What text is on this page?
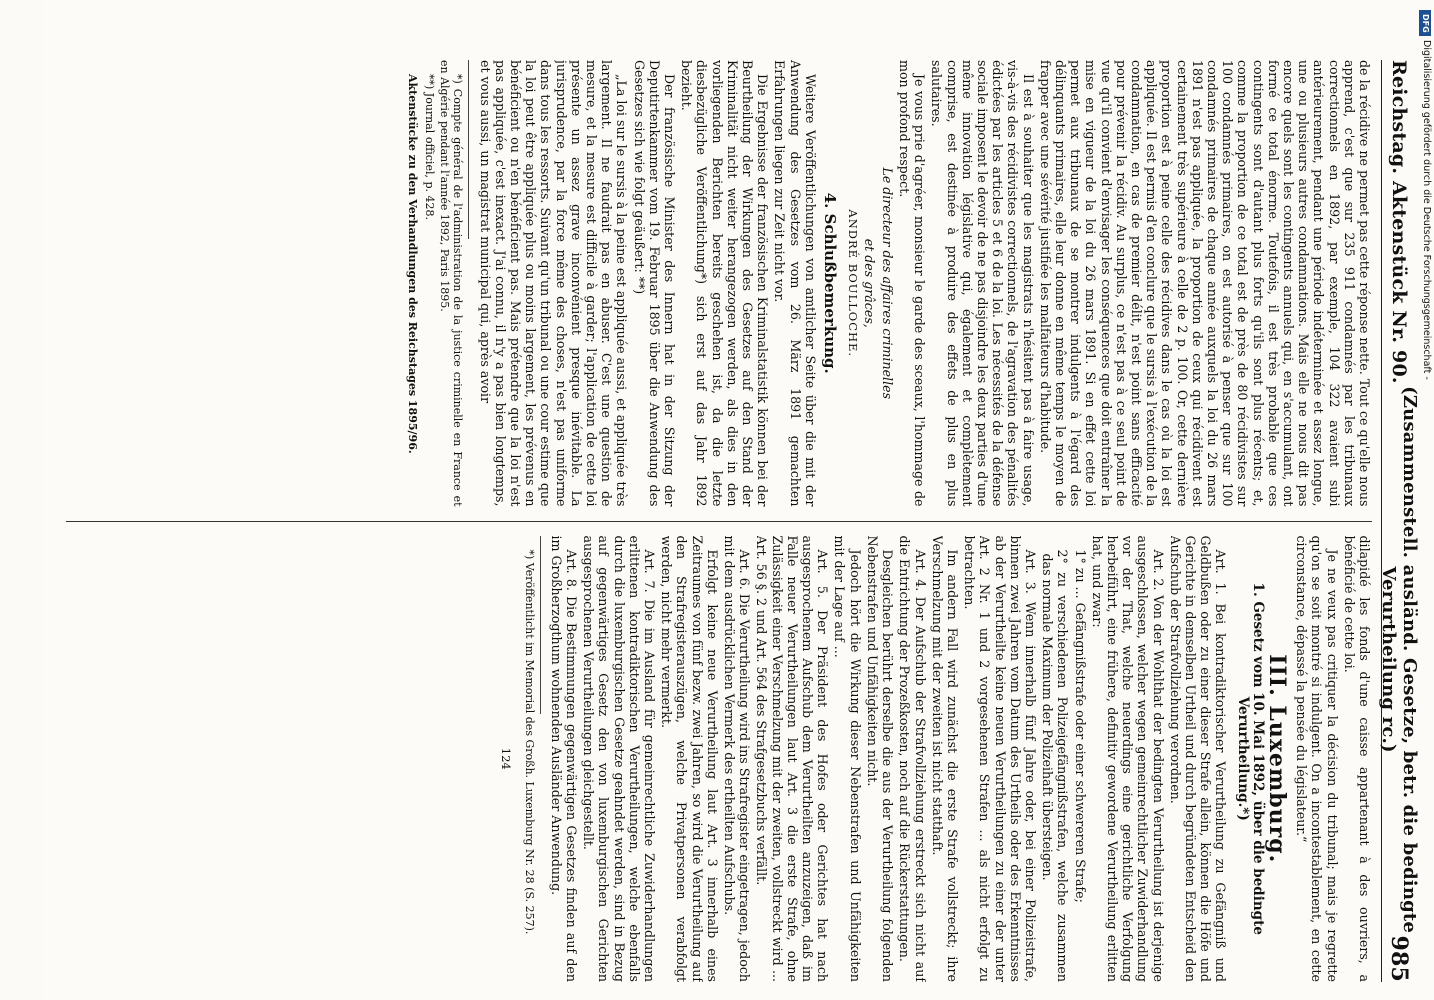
Reichstag. Aktenstück Nr. 90.
(Zusammenstell. ausländ. Gesetze, betr. die bedingte Verurtheilung rc.)
985

de la récidive ne permet pas cette réponse nette. Tout ce qu'elle nous apprend, c'est que sur 235 911 condamnés par les tribunaux correctionnels en 1892, par exemple, 104 322 avaient subi antérieurement, pendant une période indéterminée et assez longue, une ou plusieurs autres condamnations. Mais elle ne nous dit pas encore quels sont les contingents annuels qui, en s'accumulant, ont formé ce total énorme. Toutefois, il est très probable que ces contingents sont d'autant plus forts qu'ils sont plus récents; et, comme la proportion de ce total est de près de 80 récidivistes sur 100 condamnés primaires, on est autorisé à penser que sur 100 condamnés primaires de chaque année auxquels la loi du 26 mars 1891 n'est pas appliquée, la proportion de ceux qui récidivent est certainement très supérieure à celle de 2 p. 100. Or, cette dernière proportion est à peine celle des récidives dans le cas où la loi est appliquée. Il est permis d'en conclure que le sursis à l'exécution de la condamnation, en cas de premier délit, n'est point sans efficacité pour prévenir la récidiv. Au surplus, ce n'est pas à ce seul point de vue qu'il convient d'envisager les conséquences que doit entraîner la mise en vigueur de la loi du 26 mars 1891. Si en effet cette loi permet aux tribunaux de se montrer indulgents à l'égard des délinquants primaires, elle leur donne en même temps le moyen de frapper avec une sévérité justifiée les malfaiteurs d'habitude.

Il est à souhaiter que les magistrats n'hésitent pas à faire usage, vis-à-vis des récidivistes correctionnels, de l'agravation des pénalités édictées par les articles 5 et 6 de la loi. Les nécessités de la défense sociale imposent le devoir de ne pas disjoindre les deux parties d'une même innovation législative qui, également et complètement comprise, est destinée à produire des effets de plus en plus salutaires.

Je vous prie d'agréer, monsieur le garde des sceaux, l'hommage de mon profond respect.

Le directeur des affaires criminelles
et des grâces,
ANDRÉ BOULLOCHE.
4. Schlußbemerkung.

Weitere Veröffentlichungen von amtlicher Seite über die mit der Anwendung des Gesetzes vom 26. März 1891 gemachten Erfahrungen liegen zur Zeit nicht vor.

Die Ergebnisse der französischen Kriminalstatistik können bei der Beurtheilung der Wirkungen des Gesetzes auf den Stand der Kriminalität nicht weiter herangezogen werden, als dies in den vorliegenden Berichten bereits geschehen ist, da die letzte diesbezügliche Veröffentlichung*) sich erst auf das Jahr 1892 bezieht.

Der französische Minister des Innern hat in der Sitzung der Deputirtenkammer vom 19. Februar 1895 über die Anwendung des Gesetzes sich wie folgt geäußert: **)

„La loi sur le sursis à la peine est appliquée aussi, et appliquée très largement. Il ne faudrait pas en abuser. C'est une question de mesure, et la mesure est difficile à garder; l'application de cette loi présente un assez grave inconvénient presque inévitable. La jurisprudence, par la force même des choses, n'est pas uniforme dans tous les ressorts. Suivant qu'un tribunal ou une cour estime que la loi peut être appliquée plus ou moins largement, les prévenus en bénéficient ou n'en bénéficient pas. Mais prétendre que la loi n'est pas appliquée, c'est inexact. J'ai connu, il n'y a pas bien longtemps, et vous aussi, un magistrat municipal qui, après avoir

*) Compte général de l'administration de la justice criminelle en France et en Algérie pendant l'année 1892, Paris 1895.

**) Journal officiel, p. 428.

Aktenstücke zu den Verhandlungen des Reichstages 1895/96.

dilapidé les fonds d'une caisse appartenant à des ouvriers, a bénéficié de cette loi.

Je ne veux pas critiquer la décision du tribunal; mais je regrette qu'on se soit montré si indulgent. On a incontestablement, en cette circonstance, dépassé la pensée du législateur.“

III. Luxemburg.
1. Gesetz vom 10. Mai 1892, über die bedingte Verurtheilung.*)

Art. 1. Bei kontradiktorischer Verurtheilung zu Gefängniß und Geldbußen oder zu einer dieser Strafe allein, können die Höfe und Gerichte in demselben Urtheil und durch begründeten Entscheid den Aufschub der Strafvollziehung verordnen.

Art. 2. Von der Wohlthat der bedingten Verurtheilung ist derjenige ausgeschlossen, welcher wegen gemeinrechtlicher Zuwiderhandlung vor der That, welche neuerdings eine gerichtliche Verfolgung herbeiführt, eine frühere, definitiv gewordene Verurtheilung erlitten hat, und zwar:

1° zu ... Gefängnißstrafe oder einer schwereren Strafe;

2° zu verschiedenen Polizeigefängnißstrafen, welche zusammen das normale Maximum der Polizeihaft übersteigen.

Art. 3. Wenn innerhalb fünf Jahre oder, bei einer Polizeistrafe, binnen zwei Jahren vom Datum des Urtheils oder des Erkenntnisses ab der Verurtheilte keine neuen Verurtheilungen zu einer der unter Art. 2 Nr. 1 und 2 vorgesehenen Strafen ... als nicht erfolgt zu betrachten.

Im andern Fall wird zunächst die erste Strafe vollstreckt; ihre Verschmelzung mit der zweiten ist nicht statthaft.

Art. 4. Der Aufschub der Strafvollziehung erstreckt sich nicht auf die Entrichtung der Prozeßkosten, noch auf die Rückerstattungen.

Desgleichen berührt derselbe die aus der Verurtheilung folgenden Nebenstrafen und Unfähigkeiten nicht.

Jedoch hört die Wirkung dieser Nebenstrafen und Unfähigkeiten mit der Lage auf ...

Art. 5. Der Präsident des Hofes oder Gerichtes hat nach ausgesprochenem Aufschub dem Verurtheilten anzuzeigen, daß im Falle neuer Verurtheilungen laut Art. 3 die erste Strafe, ohne Zulässigkeit einer Verschmelzung mit der zweiten, vollstreckt wird ... Art. 56 §. 2 und Art. 564 des Strafgesetzbuchs verfällt.

Art. 6. Die Verurtheilung wird ins Strafregister eingetragen, jedoch mit dem ausdrücklichen Vermerk des ertheilten Aufschubs.

Erfolgt keine neue Verurtheilung laut Art. 3 innerhalb eines Zeitraumes von fünf bezw. zwei Jahren, so wird die Verurtheilung auf den Strafregisterauszügen, welche Privatpersonen verabfolgt werden, nicht mehr vermerkt.

Art. 7. Die im Ausland für gemeinrechtliche Zuwiderhandlungen erlittenen kontradiktorischen Verurtheilungen, welche ebenfalls durch die luxemburgischen Gesetze geahndet werden, sind in Bezug auf gegenwärtiges Gesetz den von luxemburgischen Gerichten ausgesprochenen Verurtheilungen gleichgestellt.

Art. 8. Die Bestimmungen gegenwärtigen Gesetzes finden auf den im Großherzogthum wohnenden Ausländer Anwendung.

*) Veröffentlicht im Memorial des Großh. Luxemburg Nr. 28 (S. 257).

124
DFG
Digitalisierung gefördert durch die Deutsche Forschungsgemeinschaft -
